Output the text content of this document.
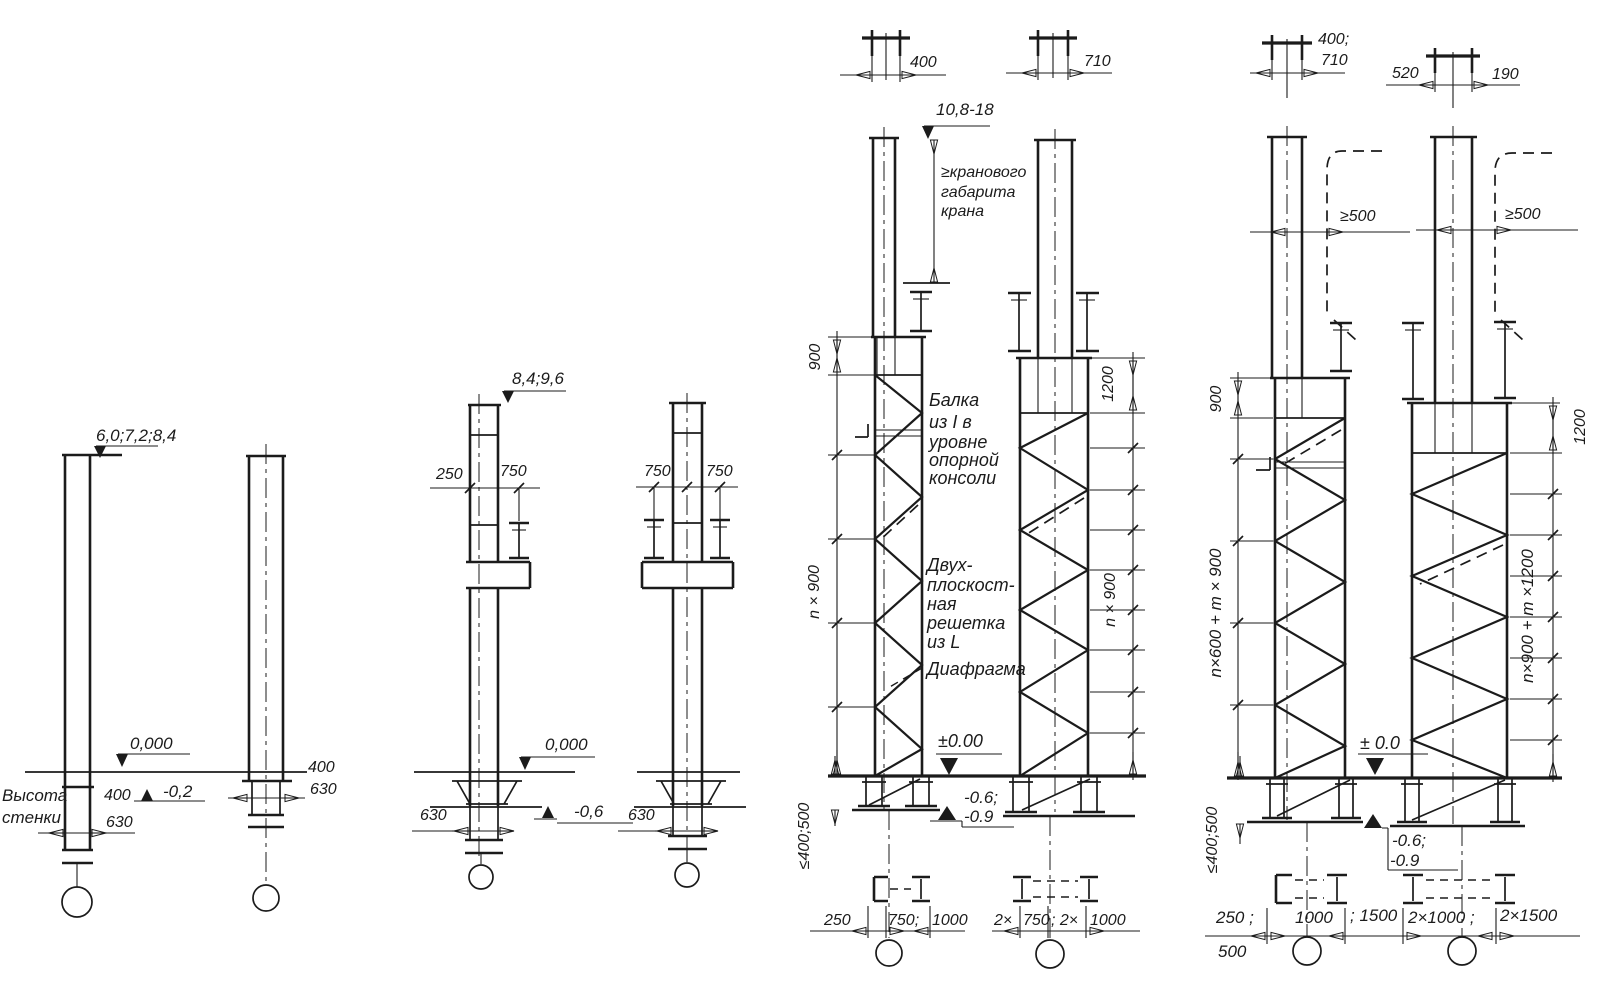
6,0;7,2;8,4
0,000
-0,2
Высота
стенки
400
630
400
630
8,4;9,6
250 750	750 750
0,000
-0,6
630	630
400	710
10,8-18
≥кранового
габарита
крана
900
n × 900
Балка
из I в
уровне
опорной
консоли
Двух-
плоскост-
ная
решетка
из L
Диафрагма
1200
n × 900
±0.00
-0.6;
-0.9
≤400;500
250 750; 1000 2× 750 ; 2× 1000
400;
710
520	190
≥500
900
n×600 + m × 900
≥500
1200
n×900 + m ×1200
± 0.0
-0.6;
-0.9
≤400;500
250 ;
500
1000 ; 1500 2×1000 ; 2×1500
